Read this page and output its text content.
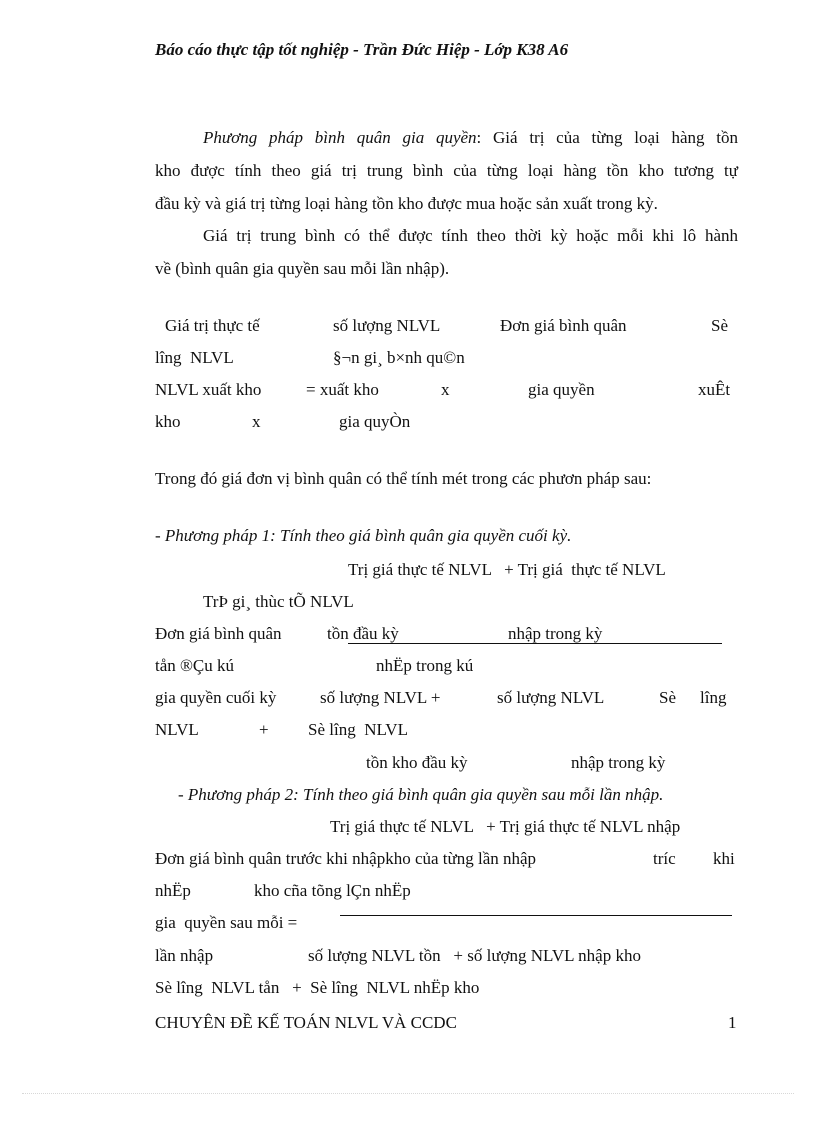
Báo cáo thực tập tốt nghiệp - Trần Đức Hiệp - Lớp K38 A6
Phương pháp bình quân gia quyền: Giá trị của từng loại hàng tồn
kho được tính theo giá trị trung bình của từng loại hàng tồn kho tương tự
đầu kỳ và giá trị từng loại hàng tồn kho được mua hoặc sản xuất trong kỳ.
Giá trị trung bình có thể được tính theo thời kỳ hoặc mỗi khi lô hành
về (bình quân gia quyền sau mỗi lần nhập).
Giá trị thực tế	số lượng NLVL	Đơn giá bình quân	Sè
lîng  NLVL	§¬n gi¸ b×nh qu©n
NLVL xuất kho	= xuất kho	x	gia quyền	xuÊt
kho	x	gia quyÒn
Trong đó giá đơn vị bình quân có thể tính mét trong các phươn pháp sau:
- Phương pháp 1: Tính theo giá bình quân gia quyền cuối kỳ.
Trị giá thực tế NLVL   + Trị giá  thực tế NLVL
TrÞ gi¸ thùc tÕ NLVL
Đơn giá bình quân	tồn đầu kỳ	nhập trong kỳ
tån ®Çu kú	nhËp trong kú
gia quyền cuối kỳ	số lượng NLVL +	số lượng NLVL	Sè lîng
NLVL	+ Sè lîng  NLVL
tồn kho đầu kỳ	nhập trong kỳ
- Phương pháp 2: Tính theo giá bình quân gia quyền sau mỗi lần nhập.
Trị giá thực tế NLVL   + Trị giá thực tế NLVL nhập
Đơn giá bình quân trước khi nhậpkho của từng lần nhập	tríc khi
nhËp	kho cña tõng lÇn nhËp
gia  quyền sau mỗi =
lần nhập	số lượng NLVL tồn   + số lượng NLVL nhập kho
Sè lîng  NLVL tån   +  Sè lîng  NLVL nhËp kho
CHUYÊN ĐỀ KẾ TOÁN NLVL VÀ CCDC	1
